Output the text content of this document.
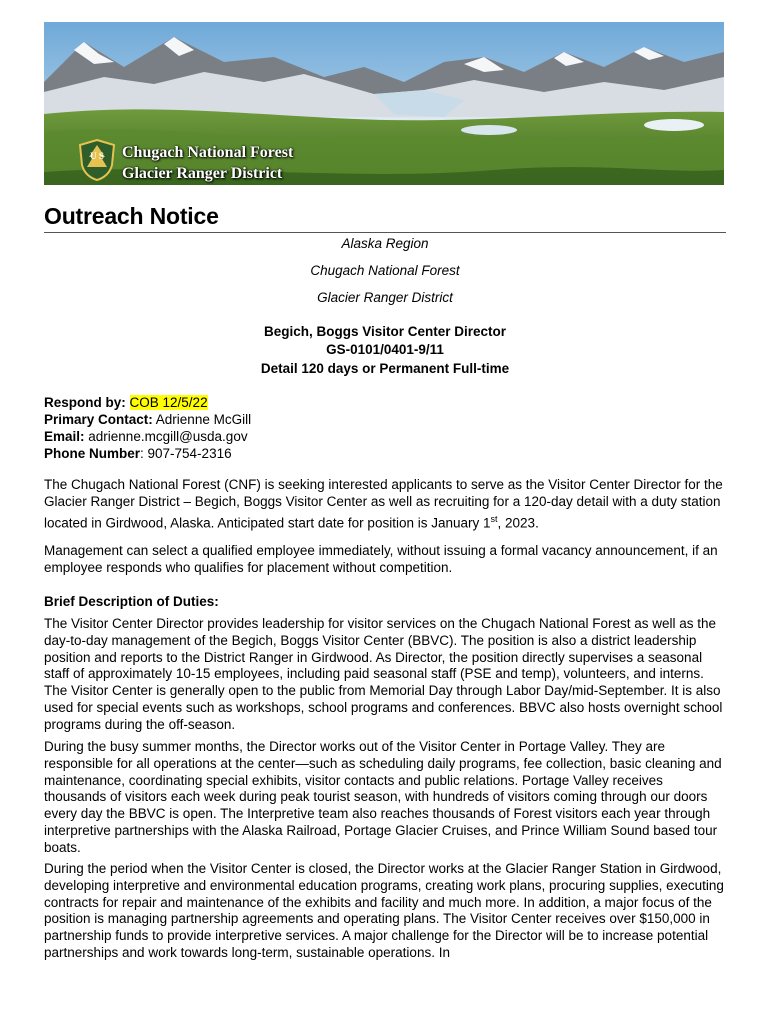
U S Chugach National Forest
Glacier Ranger District
Outreach Notice
Alaska Region
Chugach National Forest
Glacier Ranger District
Begich, Boggs Visitor Center Director
GS-0101/0401-9/11
Detail 120 days or Permanent Full-time
Respond by: COB 12/5/22
Primary Contact: Adrienne McGill
Email: adrienne.mcgill@usda.gov
Phone Number: 907-754-2316

The Chugach National Forest (CNF) is seeking interested applicants to serve as the Visitor Center Director for the Glacier Ranger District – Begich, Boggs Visitor Center as well as recruiting for a 120-day detail with a duty station located in Girdwood, Alaska. Anticipated start date for position is January 1st, 2023.

Management can select a qualified employee immediately, without issuing a formal vacancy announcement, if an employee responds who qualifies for placement without competition.
Brief Description of Duties:
The Visitor Center Director provides leadership for visitor services on the Chugach National Forest as well as the day-to-day management of the Begich, Boggs Visitor Center (BBVC). The position is also a district leadership position and reports to the District Ranger in Girdwood. As Director, the position directly supervises a seasonal staff of approximately 10-15 employees, including paid seasonal staff (PSE and temp), volunteers, and interns. The Visitor Center is generally open to the public from Memorial Day through Labor Day/mid-September. It is also used for special events such as workshops, school programs and conferences. BBVC also hosts overnight school programs during the off-season.
During the busy summer months, the Director works out of the Visitor Center in Portage Valley. They are responsible for all operations at the center—such as scheduling daily programs, fee collection, basic cleaning and maintenance, coordinating special exhibits, visitor contacts and public relations. Portage Valley receives thousands of visitors each week during peak tourist season, with hundreds of visitors coming through our doors every day the BBVC is open. The Interpretive team also reaches thousands of Forest visitors each year through interpretive partnerships with the Alaska Railroad, Portage Glacier Cruises, and Prince William Sound based tour boats.
During the period when the Visitor Center is closed, the Director works at the Glacier Ranger Station in Girdwood, developing interpretive and environmental education programs, creating work plans, procuring supplies, executing contracts for repair and maintenance of the exhibits and facility and much more. In addition, a major focus of the position is managing partnership agreements and operating plans. The Visitor Center receives over $150,000 in partnership funds to provide interpretive services. A major challenge for the Director will be to increase potential partnerships and work towards long-term, sustainable operations. In
